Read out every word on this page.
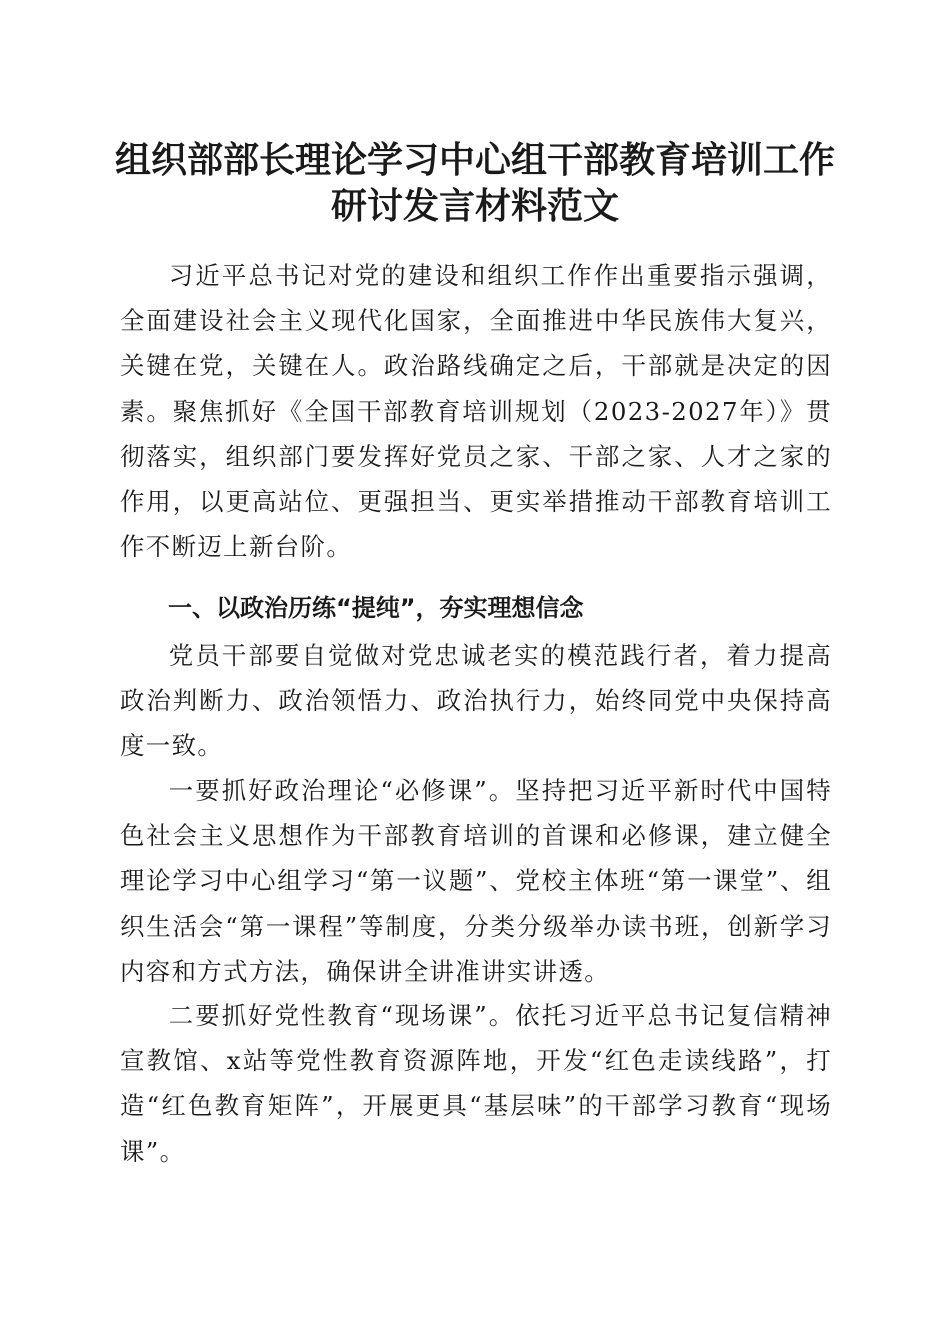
组织部部长理论学习中心组干部教育培训工作
研讨发言材料范文

习近平总书记对党的建设和组织工作作出重要指示强调，全面建设社会主义现代化国家，全面推进中华民族伟大复兴，关键在党，关键在人。政治路线确定之后，干部就是决定的因素。聚焦抓好《全国干部教育培训规划（2023-2027年）》贯彻落实，组织部门要发挥好党员之家、干部之家、人才之家的作用，以更高站位、更强担当、更实举措推动干部教育培训工作不断迈上新台阶。

一、以政治历练“提纯”，夯实理想信念

党员干部要自觉做对党忠诚老实的模范践行者，着力提高政治判断力、政治领悟力、政治执行力，始终同党中央保持高度一致。

一要抓好政治理论“必修课”。坚持把习近平新时代中国特色社会主义思想作为干部教育培训的首课和必修课，建立健全理论学习中心组学习“第一议题”、党校主体班“第一课堂”、组织生活会“第一课程”等制度，分类分级举办读书班，创新学习内容和方式方法，确保讲全讲准讲实讲透。

二要抓好党性教育“现场课”。依托习近平总书记复信精神宣教馆、x站等党性教育资源阵地，开发“红色走读线路”，打造“红色教育矩阵”，开展更具“基层味”的干部学习教育“现场课”。
